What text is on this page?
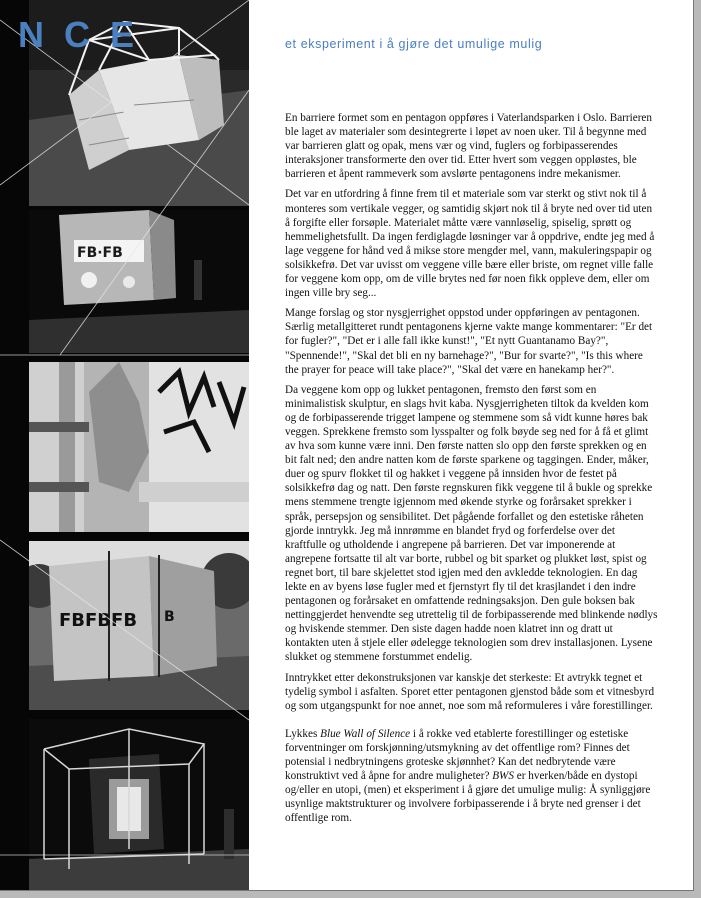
FB·FB
FBFBFB B
N  C  E	et eksperiment i å gjøre det umulige mulig

En barriere formet som en pentagon oppføres i Vaterlandsparken i Oslo. Barrieren ble laget av materialer som desintegrerte i løpet av noen uker. Til å begynne med var barrieren glatt og opak, mens vær og vind, fuglers og forbipasserendes interaksjoner transformerte den over tid. Etter hvert som veggen oppløstes, ble barrieren et åpent rammeverk som avslørte pentagonens indre mekanismer.

Det var en utfordring å finne frem til et materiale som var sterkt og stivt nok til å monteres som vertikale vegger, og samtidig skjørt nok til å bryte ned over tid uten å forgifte eller forsøple. Materialet måtte være vannløselig, spiselig, sprøtt og hemmelighetsfullt. Da ingen ferdiglagde løsninger var å oppdrive, endte jeg med å lage veggene for hånd ved å mikse store mengder mel, vann, makuleringspapir og solsikkefrø. Det var uvisst om veggene ville bære eller briste, om regnet ville falle for veggene kom opp, om de ville brytes ned før noen fikk oppleve dem, eller om ingen ville bry seg...

Mange forslag og stor nysgjerrighet oppstod under oppføringen av pentagonen. Særlig metallgitteret rundt pentagonens kjerne vakte mange kommentarer: "Er det for fugler?", "Det er i alle fall ikke kunst!", "Et nytt Guantanamo Bay?", "Spennende!", "Skal det bli en ny barnehage?", "Bur for svarte?", "Is this where the prayer for peace will take place?", "Skal det være en hanekamp her?".

Da veggene kom opp og lukket pentagonen, fremsto den først som en minimalistisk skulptur, en slags hvit kaba. Nysgjerrigheten tiltok da kvelden kom og de forbipasserende trigget lampene og stemmene som så vidt kunne høres bak veggen. Sprekkene fremsto som lysspalter og folk bøyde seg ned for å få et glimt av hva som kunne være inni. Den første natten slo opp den første sprekken og en bit falt ned; den andre natten kom de første sparkene og taggingen. Ender, måker, duer og spurv flokket til og hakket i veggene på innsiden hvor de festet på solsikkefrø dag og natt. Den første regnskuren fikk veggene til å bukle og sprekke mens stemmene trengte igjennom med økende styrke og forårsaket sprekker i språk, persepsjon og sensibilitet. Det pågående forfallet og den estetiske råheten gjorde inntrykk. Jeg må innrømme en blandet fryd og forferdelse over det kraftfulle og utholdende i angrepene på barrieren. Det var imponerende at angrepene fortsatte til alt var borte, rubbel og bit sparket og plukket løst, spist og regnet bort, til bare skjelettet stod igjen med den avkledde teknologien. En dag lekte en av byens løse fugler med et fjernstyrt fly til det krasjlandet i den indre pentagonen og forårsaket en omfattende redningsaksjon. Den gule boksen bak nettinggjerdet henvendte seg utrettelig til de forbipasserende med blinkende nødlys og hviskende stemmer. Den siste dagen hadde noen klatret inn og dratt ut kontakten uten å stjele eller ødelegge teknologien som drev installasjonen. Lysene slukket og stemmene forstummet endelig.

Inntrykket etter dekonstruksjonen var kanskje det sterkeste: Et avtrykk tegnet et tydelig symbol i asfalten. Sporet etter pentagonen gjenstod både som et vitnesbyrd og som utgangspunkt for noe annet, noe som må reformuleres i våre forestillinger.

Lykkes Blue Wall of Silence i å rokke ved etablerte forestillinger og estetiske forventninger om forskjønning/utsmykning av det offentlige rom? Finnes det potensial i nedbrytningens groteske skjønnhet? Kan det nedbrytende være konstruktivt ved å åpne for andre muligheter? BWS er hverken/både en dystopi og/eller en utopi, (men) et eksperiment i å gjøre det umulige mulig: Å synliggjøre usynlige maktstrukturer og involvere forbipasserende i å bryte ned grenser i det offentlige rom.
